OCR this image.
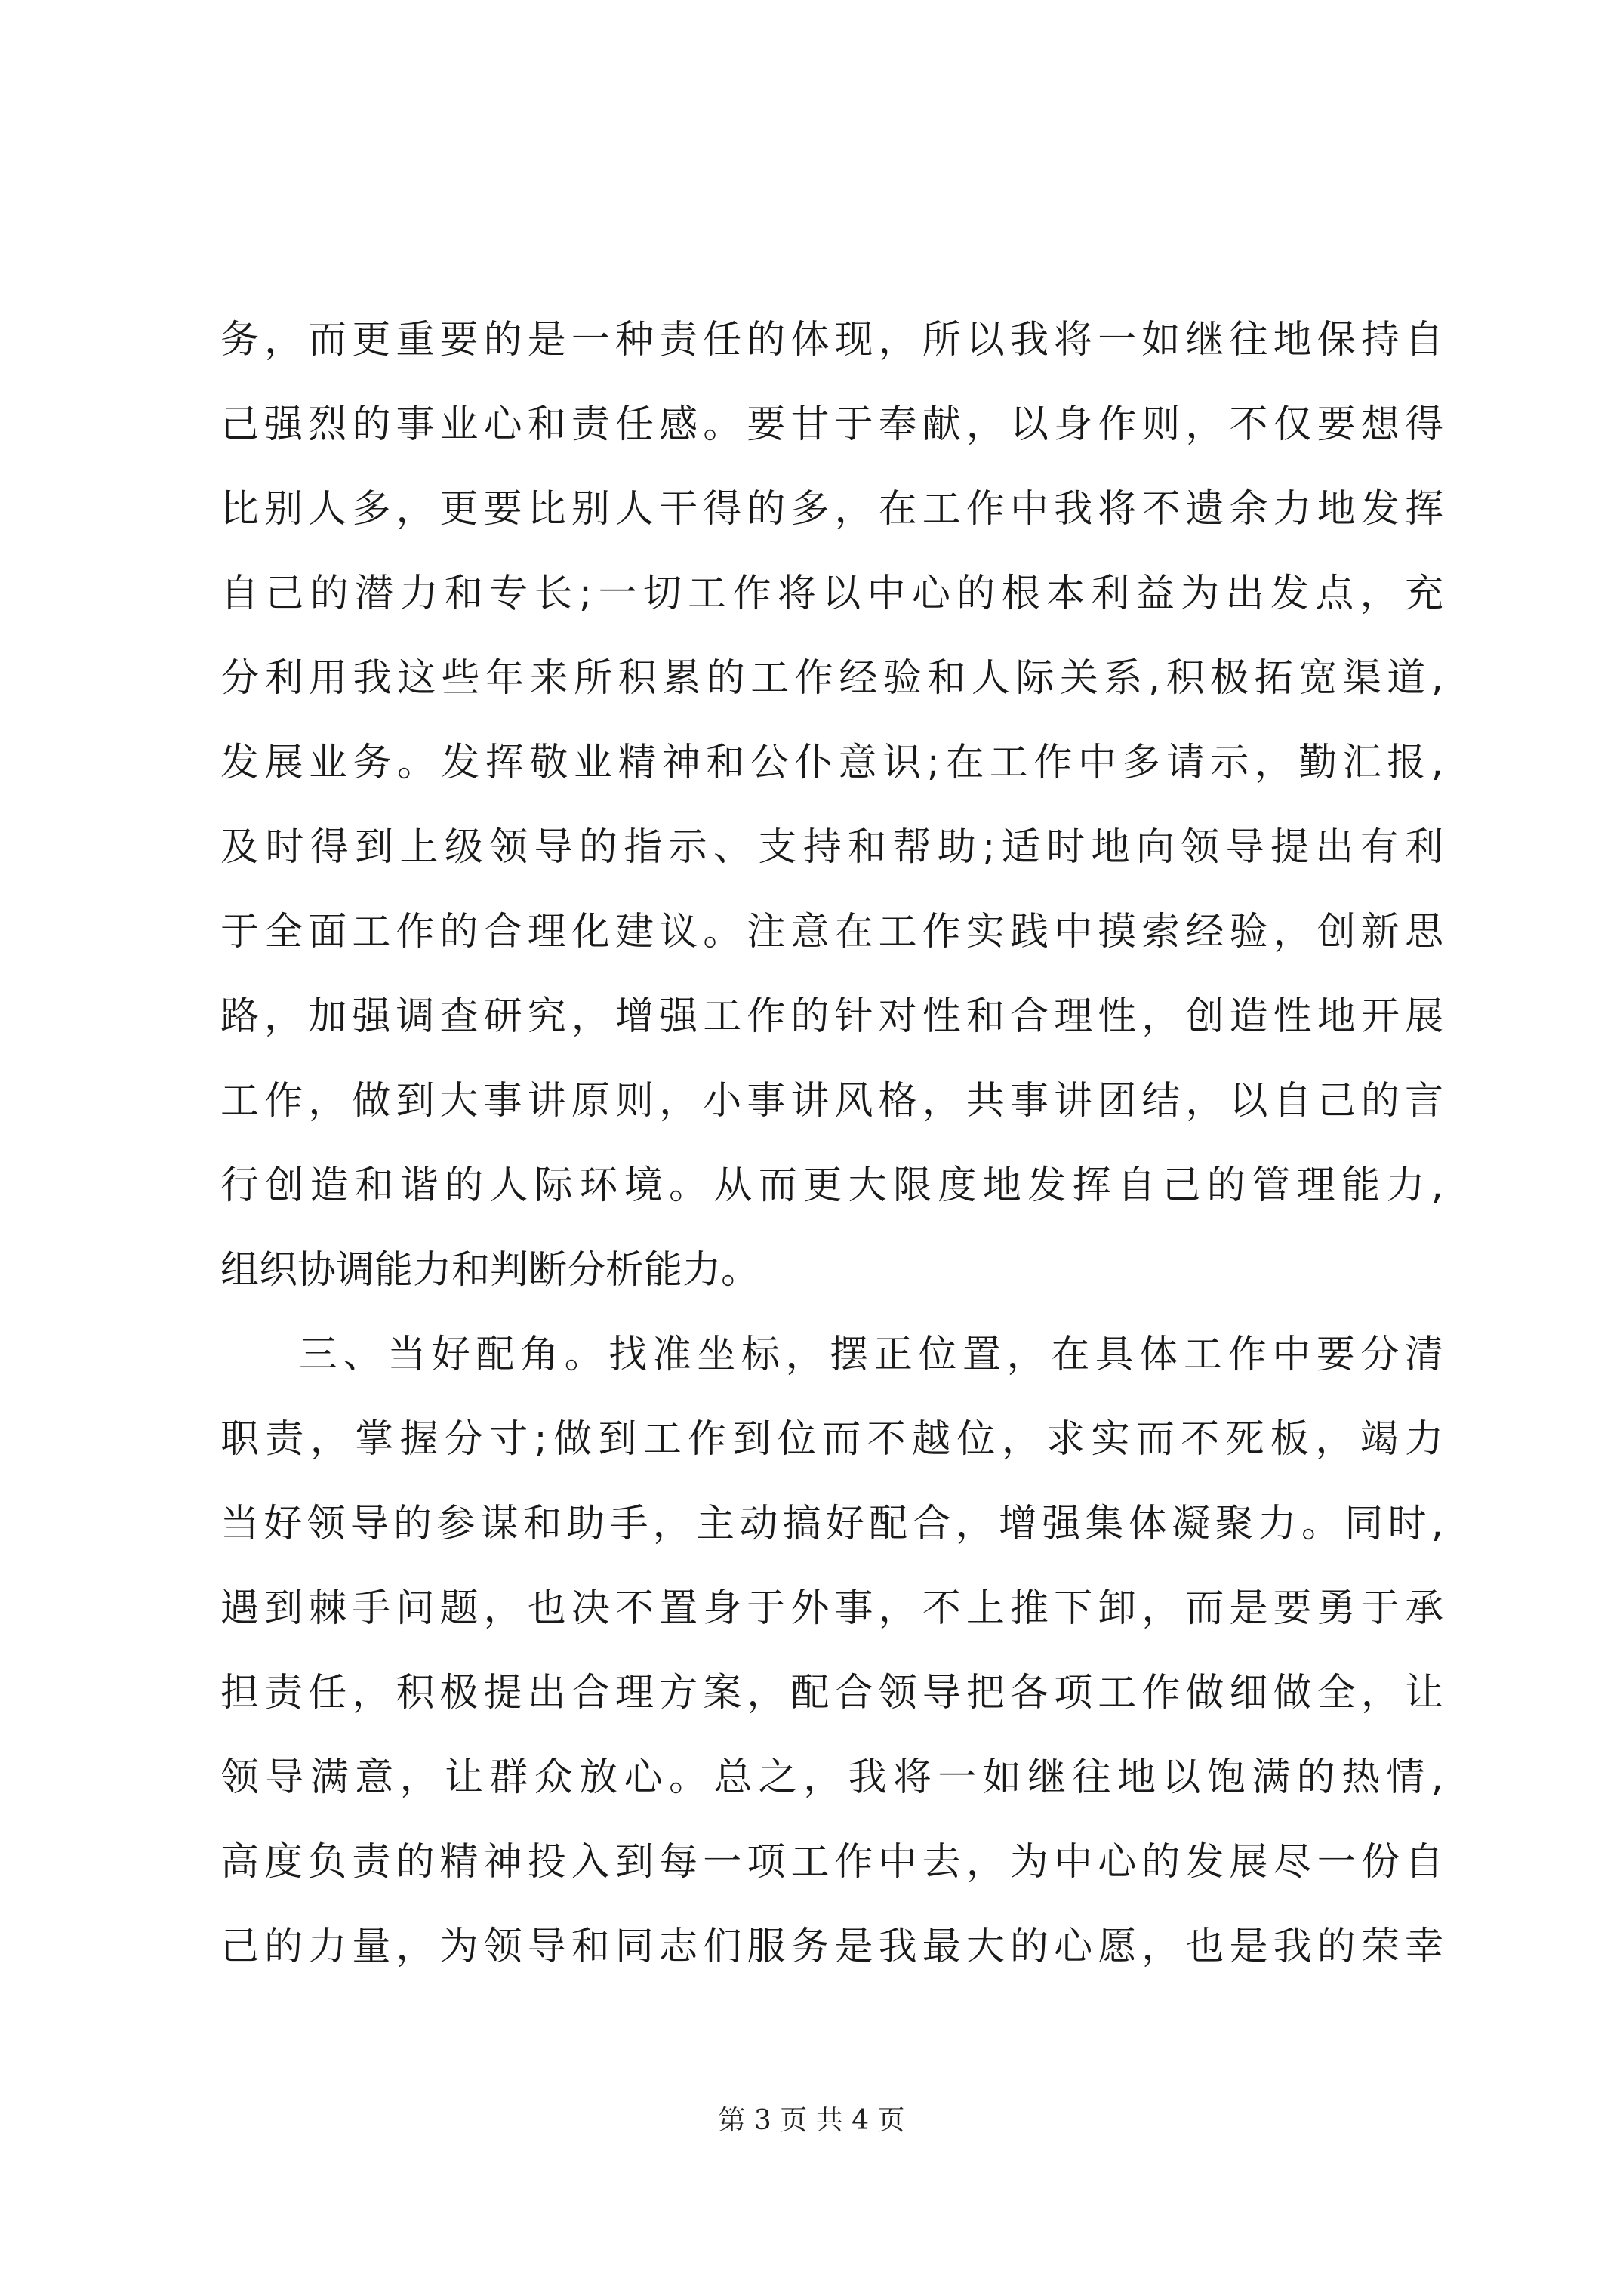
务，而更重要的是一种责任的体现，所以我将一如继往地保持自
己强烈的事业心和责任感。要甘于奉献，以身作则，不仅要想得
比别人多，更要比别人干得的多，在工作中我将不遗余力地发挥
自己的潜力和专长;一切工作将以中心的根本利益为出发点，充
分利用我这些年来所积累的工作经验和人际关系,积极拓宽渠道,
发展业务。发挥敬业精神和公仆意识;在工作中多请示，勤汇报,
及时得到上级领导的指示、支持和帮助;适时地向领导提出有利
于全面工作的合理化建议。注意在工作实践中摸索经验，创新思
路，加强调查研究，增强工作的针对性和合理性，创造性地开展
工作，做到大事讲原则，小事讲风格，共事讲团结，以自己的言
行创造和谐的人际环境。从而更大限度地发挥自己的管理能力,
组织协调能力和判断分析能力。
三、当好配角。找准坐标，摆正位置，在具体工作中要分清
职责，掌握分寸;做到工作到位而不越位，求实而不死板，竭力
当好领导的参谋和助手，主动搞好配合，增强集体凝聚力。同时,
遇到棘手问题，也决不置身于外事，不上推下卸，而是要勇于承
担责任，积极提出合理方案，配合领导把各项工作做细做全，让
领导满意，让群众放心。总之，我将一如继往地以饱满的热情,
高度负责的精神投入到每一项工作中去，为中心的发展尽一份自
己的力量，为领导和同志们服务是我最大的心愿，也是我的荣幸
第 3 页 共 4 页
